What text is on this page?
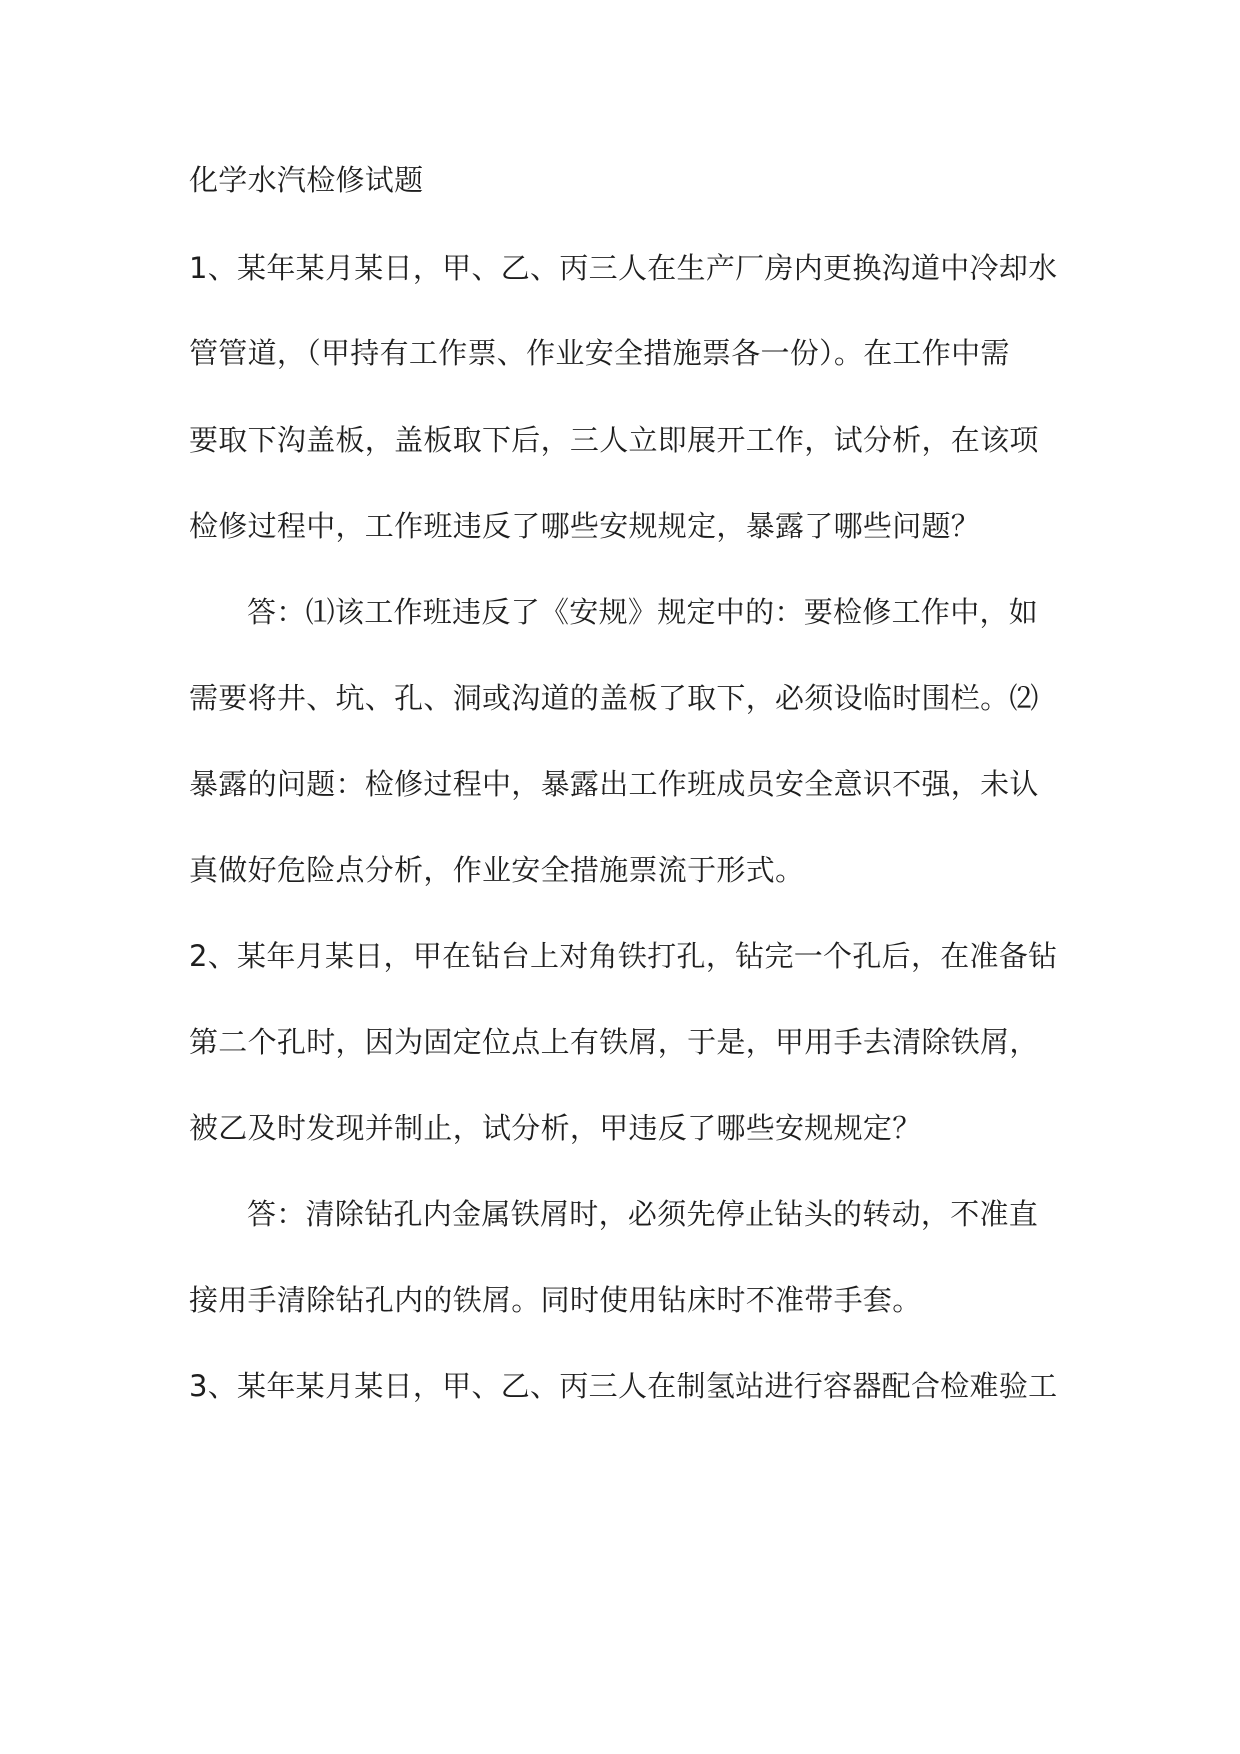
化学水汽检修试题
1、某年某月某日，甲、乙、丙三人在生产厂房内更换沟道中冷却水
管管道，（甲持有工作票、作业安全措施票各一份）。在工作中需
要取下沟盖板，盖板取下后，三人立即展开工作，试分析，在该项
检修过程中，工作班违反了哪些安规规定，暴露了哪些问题？
答：⑴该工作班违反了《安规》规定中的：要检修工作中，如
需要将井、坑、孔、洞或沟道的盖板了取下，必须设临时围栏。⑵
暴露的问题：检修过程中，暴露出工作班成员安全意识不强，未认
真做好危险点分析，作业安全措施票流于形式。
2、某年月某日，甲在钻台上对角铁打孔，钻完一个孔后，在准备钻
第二个孔时，因为固定位点上有铁屑，于是，甲用手去清除铁屑，
被乙及时发现并制止，试分析，甲违反了哪些安规规定？
答：清除钻孔内金属铁屑时，必须先停止钻头的转动，不准直
接用手清除钻孔内的铁屑。同时使用钻床时不准带手套。
3、某年某月某日，甲、乙、丙三人在制氢站进行容器配合检难验工
